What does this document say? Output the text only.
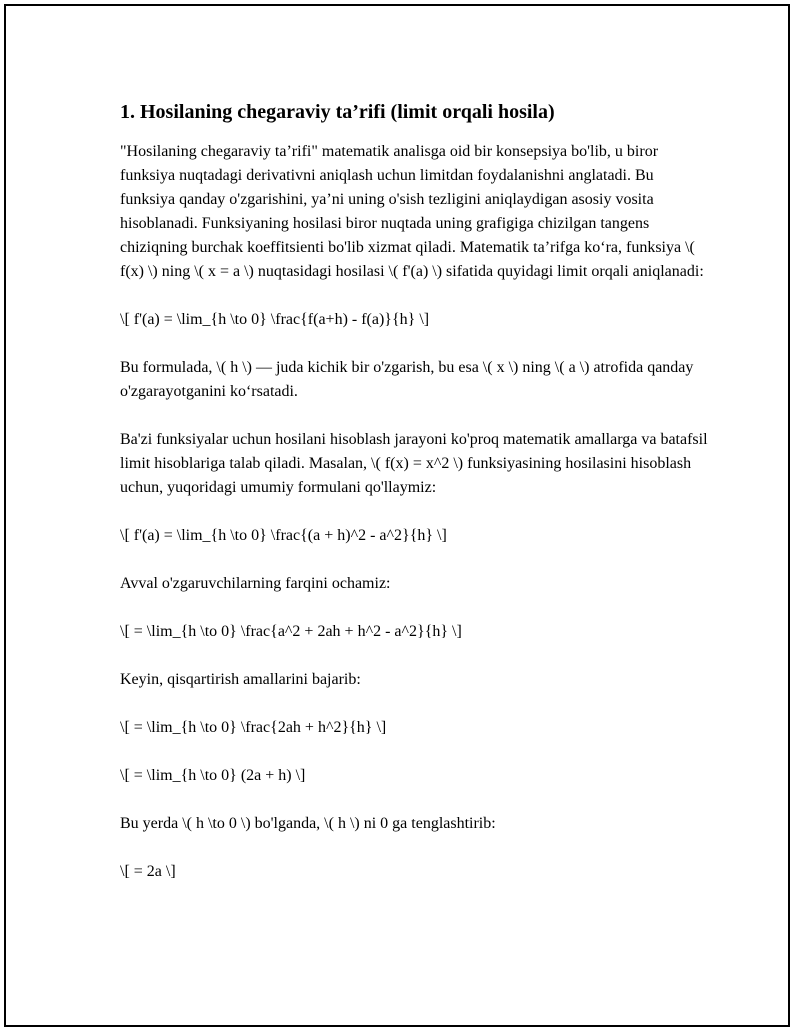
1. Hosilaning chegaraviy ta’rifi (limit orqali hosila)

"Hosilaning chegaraviy ta’rifi" matematik analisga oid bir konsepsiya bo'lib, u biror funksiya nuqtadagi derivativni aniqlash uchun limitdan foydalanishni anglatadi. Bu funksiya qanday o'zgarishini, ya’ni uning o'sish tezligini aniqlaydigan asosiy vosita hisoblanadi. Funksiyaning hosilasi biror nuqtada uning grafigiga chizilgan tangens chiziqning burchak koeffitsienti bo'lib xizmat qiladi. Matematik ta’rifga ko‘ra, funksiya \( f(x) \) ning \( x = a \) nuqtasidagi hosilasi \( f'(a) \) sifatida quyidagi limit orqali aniqlanadi:

\[ f'(a) = \lim_{h \to 0} \frac{f(a+h) - f(a)}{h} \]

Bu formulada, \( h \) — juda kichik bir o'zgarish, bu esa \( x \) ning \( a \) atrofida qanday o'zgarayotganini ko‘rsatadi.

Ba'zi funksiyalar uchun hosilani hisoblash jarayoni ko'proq matematik amallarga va batafsil limit hisoblariga talab qiladi. Masalan, \( f(x) = x^2 \) funksiyasining hosilasini hisoblash uchun, yuqoridagi umumiy formulani qo'llaymiz:

\[ f'(a) = \lim_{h \to 0} \frac{(a + h)^2 - a^2}{h} \]

Avval o'zgaruvchilarning farqini ochamiz:

\[ = \lim_{h \to 0} \frac{a^2 + 2ah + h^2 - a^2}{h} \]

Keyin, qisqartirish amallarini bajarib:

\[ = \lim_{h \to 0} \frac{2ah + h^2}{h} \]

\[ = \lim_{h \to 0} (2a + h) \]

Bu yerda \( h \to 0 \) bo'lganda, \( h \) ni 0 ga tenglashtirib:

\[ = 2a \]
